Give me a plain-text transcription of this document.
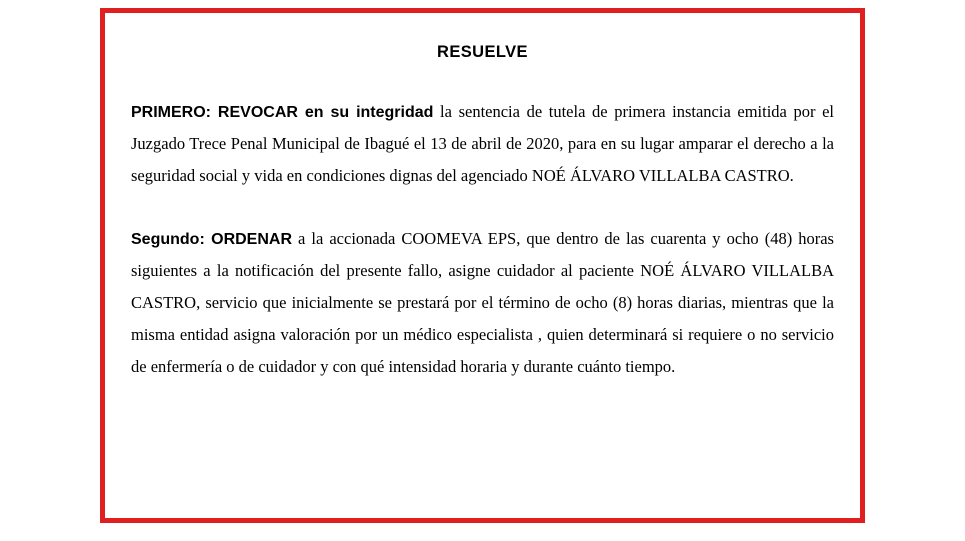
RESUELVE

PRIMERO: REVOCAR en su integridad la sentencia de tutela de primera instancia emitida por el Juzgado Trece Penal Municipal de Ibagué el 13 de abril de 2020, para en su lugar amparar el derecho a la seguridad social y vida en condiciones dignas del agenciado NOÉ ÁLVARO VILLALBA CASTRO.

Segundo: ORDENAR a la accionada COOMEVA EPS, que dentro de las cuarenta y ocho (48) horas siguientes a la notificación del presente fallo, asigne cuidador al paciente NOÉ ÁLVARO VILLALBA CASTRO, servicio que inicialmente se prestará por el término de ocho (8) horas diarias, mientras que la misma entidad asigna valoración por un médico especialista , quien determinará si requiere o no servicio de enfermería o de cuidador y con qué intensidad horaria y durante cuánto tiempo.
